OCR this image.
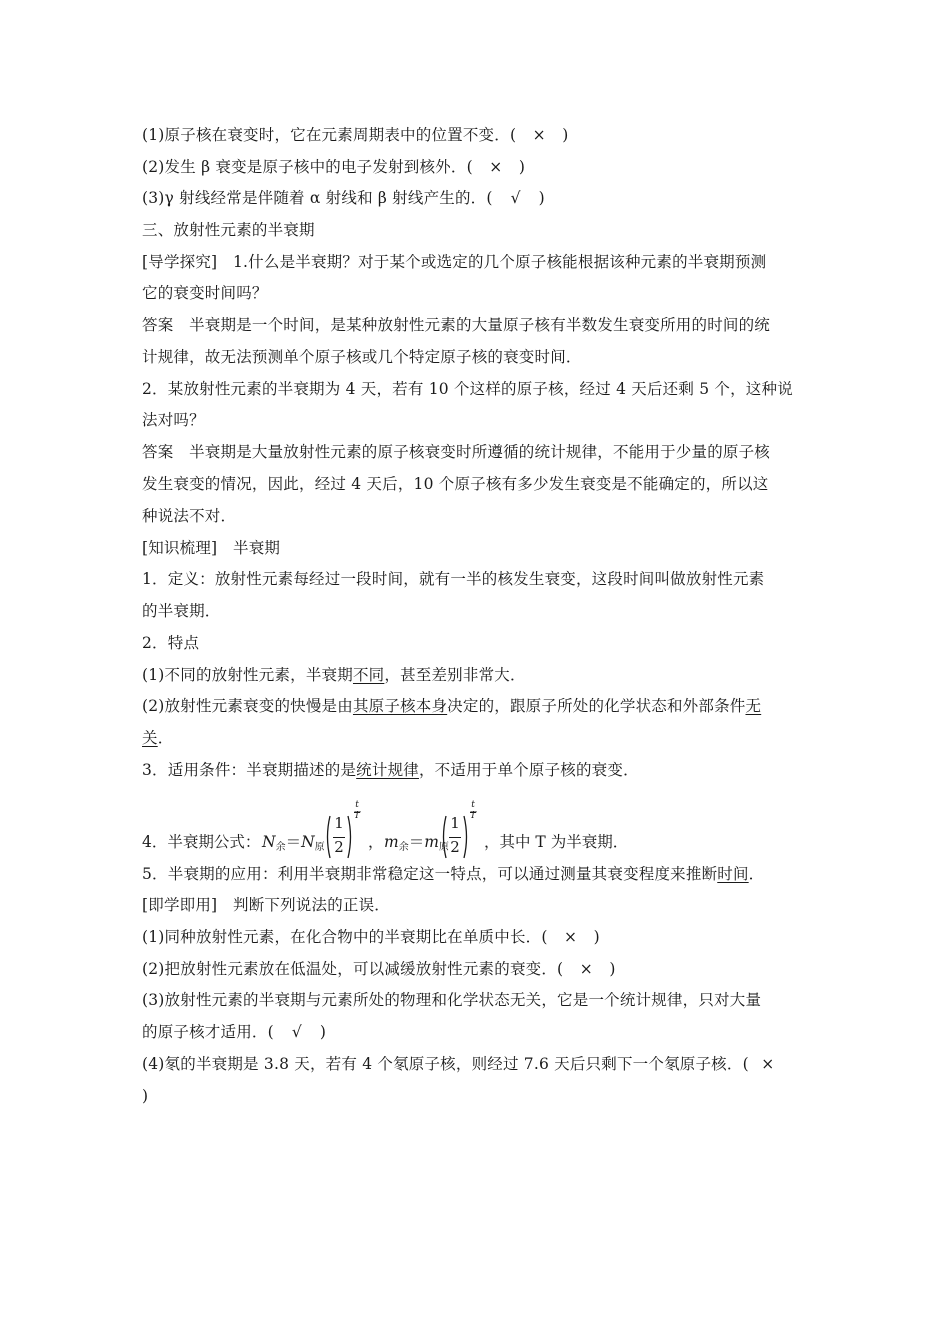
(1)原子核在衰变时，它在元素周期表中的位置不变．( × )
(2)发生 β 衰变是原子核中的电子发射到核外．( × )
(3)γ 射线经常是伴随着 α 射线和 β 射线产生的．( √ )
三、放射性元素的半衰期
[导学探究]　1.什么是半衰期？对于某个或选定的几个原子核能根据该种元素的半衰期预测
它的衰变时间吗？
答案　半衰期是一个时间，是某种放射性元素的大量原子核有半数发生衰变所用的时间的统
计规律，故无法预测单个原子核或几个特定原子核的衰变时间．
2．某放射性元素的半衰期为 4 天，若有 10 个这样的原子核，经过 4 天后还剩 5 个，这种说
法对吗？
答案　半衰期是大量放射性元素的原子核衰变时所遵循的统计规律，不能用于少量的原子核
发生衰变的情况，因此，经过 4 天后，10 个原子核有多少发生衰变是不能确定的，所以这
种说法不对．
[知识梳理]　半衰期
1．定义：放射性元素每经过一段时间，就有一半的核发生衰变，这段时间叫做放射性元素
的半衰期．
2．特点
(1)不同的放射性元素，半衰期不同，甚至差别非常大．
(2)放射性元素衰变的快慢是由其原子核本身决定的，跟原子所处的化学状态和外部条件无
关．
3．适用条件：半衰期描述的是统计规律，不适用于单个原子核的衰变．
4．半衰期公式： $N_余=N_原$
1
2
t
T
， $m_余=m_原$
1
2
t
T
，其中 T 为半衰期．
5．半衰期的应用：利用半衰期非常稳定这一特点，可以通过测量其衰变程度来推断时间．
[即学即用]　判断下列说法的正误．
(1)同种放射性元素，在化合物中的半衰期比在单质中长．( × )
(2)把放射性元素放在低温处，可以减缓放射性元素的衰变．( × )
(3)放射性元素的半衰期与元素所处的物理和化学状态无关，它是一个统计规律，只对大量
的原子核才适用．( √ )
(4)氡的半衰期是 3.8 天，若有 4 个氡原子核，则经过 7.6 天后只剩下一个氡原子核．( ×
)
